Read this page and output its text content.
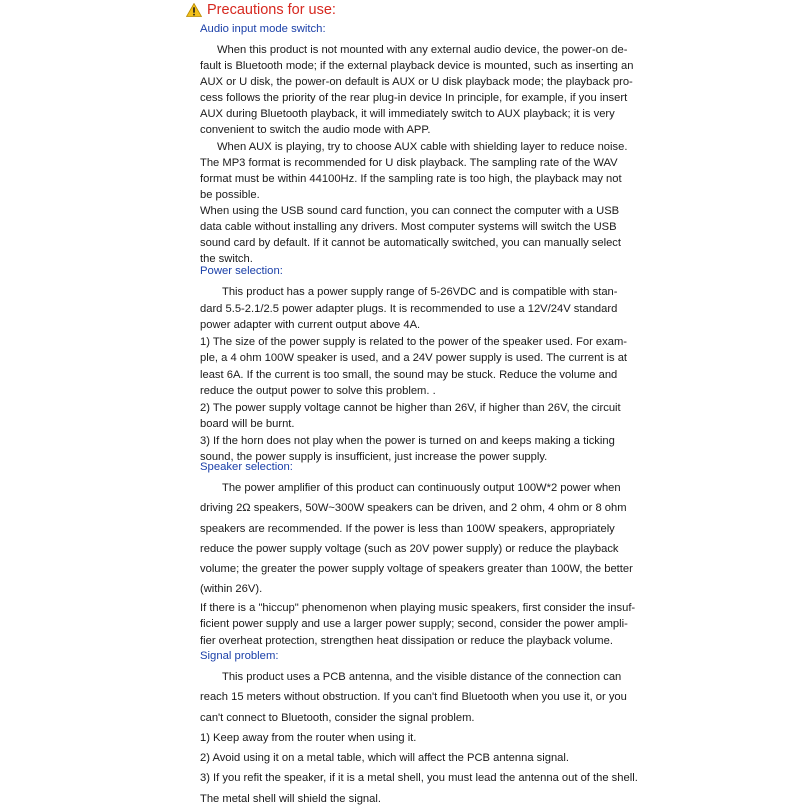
Precautions for use:
Audio input mode switch:
When this product is not mounted with any external audio device, the power-on de-
fault is Bluetooth mode; if the external playback device is mounted, such as inserting an
AUX or U disk, the power-on default is AUX or U disk playback mode; the playback pro-
cess follows the priority of the rear plug-in device In principle, for example, if you insert
AUX during Bluetooth playback, it will immediately switch to AUX playback; it is very
convenient to switch the audio mode with APP.
When AUX is playing, try to choose AUX cable with shielding layer to reduce noise.
The MP3 format is recommended for U disk playback. The sampling rate of the WAV
format must be within 44100Hz. If the sampling rate is too high, the playback may not
be possible.
When using the USB sound card function, you can connect the computer with a USB
data cable without installing any drivers. Most computer systems will switch the USB
sound card by default. If it cannot be automatically switched, you can manually select
the switch.
Power selection:
This product has a power supply range of 5-26VDC and is compatible with stan-
dard 5.5-2.1/2.5 power adapter plugs. It is recommended to use a 12V/24V standard
power adapter with current output above 4A.
1) The size of the power supply is related to the power of the speaker used. For exam-
ple, a 4 ohm 100W speaker is used, and a 24V power supply is used. The current is at
least 6A. If the current is too small, the sound may be stuck. Reduce the volume and
reduce the output power to solve this problem. .
2) The power supply voltage cannot be higher than 26V, if higher than 26V, the circuit
board will be burnt.
3) If the horn does not play when the power is turned on and keeps making a ticking
sound, the power supply is insufficient, just increase the power supply.
Speaker selection:
The power amplifier of this product can continuously output 100W*2 power when
driving 2Ω speakers, 50W~300W speakers can be driven, and 2 ohm, 4 ohm or 8 ohm
speakers are recommended. If the power is less than 100W speakers, appropriately
reduce the power supply voltage (such as 20V power supply) or reduce the playback
volume; the greater the power supply voltage of speakers greater than 100W, the better
(within 26V).
If there is a "hiccup" phenomenon when playing music speakers, first consider the insuf-
ficient power supply and use a larger power supply; second, consider the power ampli-
fier overheat protection, strengthen heat dissipation or reduce the playback volume.
Signal problem:
This product uses a PCB antenna, and the visible distance of the connection can
reach 15 meters without obstruction. If you can't find Bluetooth when you use it, or you
can't connect to Bluetooth, consider the signal problem.
1) Keep away from the router when using it.
2) Avoid using it on a metal table, which will affect the PCB antenna signal.
3) If you refit the speaker, if it is a metal shell, you must lead the antenna out of the shell.
The metal shell will shield the signal.
